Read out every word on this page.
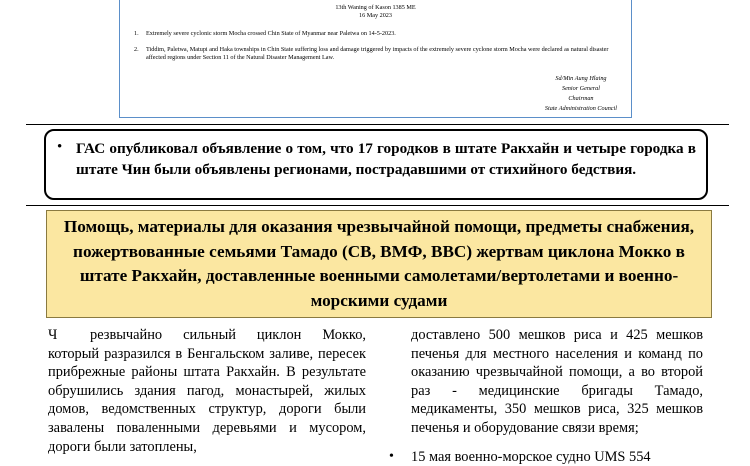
13th Waning of Kason 1385 ME
16 May 2023
1. Extremely severe cyclonic storm Mocha crossed Chin State of Myanmar near Paletwa on 14-5-2023.
2. Tiddim, Paletwa, Matupi and Haka townships in Chin State suffering loss and damage triggered by impacts of the extremely severe cyclone storm Mocha were declared as natural disaster affected regions under Section 11 of the Natural Disaster Management Law.
Sd/Min Aung Hlaing
Senior General
Chairman
State Administration Council
• ГАС опубликовал объявление о том, что 17 городков в штате Ракхайн и четыре городка в штате Чин были объявлены регионами, пострадавшими от стихийного бедствия.
Помощь, материалы для оказания чрезвычайной помощи, предметы снабжения, пожертвованные семьями Тамадо (СВ, ВМФ, ВВС) жертвам циклона Мокко в штате Ракхайн, доставленные военными самолетами/вертолетами и военно-морскими судами

Ч резвычайно сильный циклон Мокко, который разразился в Бенгальском заливе, пересек прибрежные районы штата Ракхайн. В результате обрушились здания пагод, монастырей, жилых домов, ведомственных структур, дороги были завалены поваленными деревьями и мусором, дороги были затоплены,

доставлено 500 мешков риса и 425 мешков печенья для местного населения и команд по оказанию чрезвычайной помощи, а во второй раз - медицинские бригады Тамадо, медикаменты, 350 мешков риса, 325 мешков печенья и оборудование связи время;

• 15 мая военно-морское судно UMS 554
